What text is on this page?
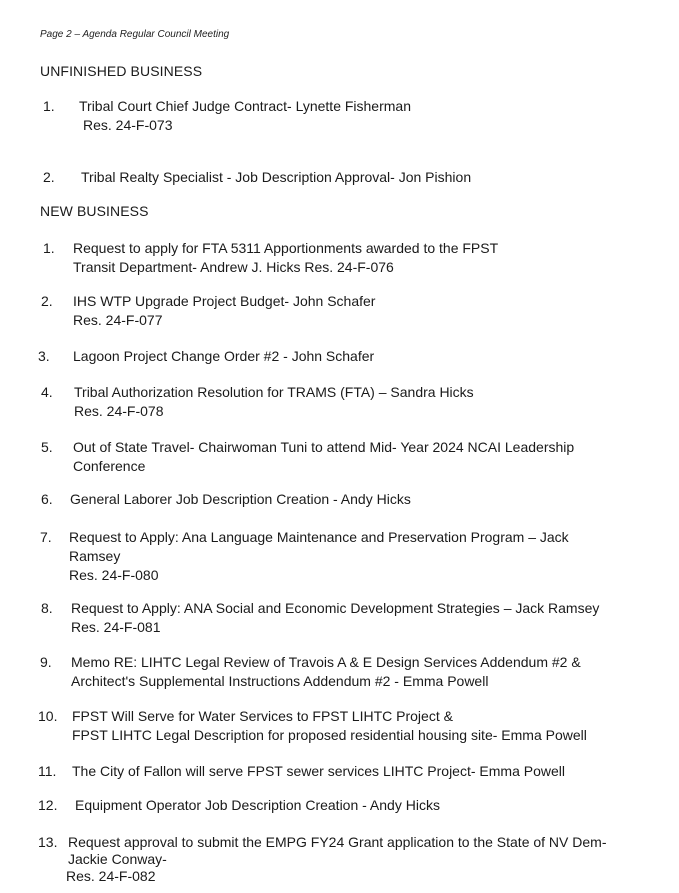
Page 2 – Agenda Regular Council Meeting
UNFINISHED BUSINESS
1. Tribal Court Chief Judge Contract- Lynette Fisherman
Res. 24-F-073
2. Tribal Realty Specialist - Job Description Approval- Jon Pishion
NEW BUSINESS
1. Request to apply for FTA 5311 Apportionments awarded to the FPST
Transit Department- Andrew J. Hicks Res. 24-F-076
2. IHS WTP Upgrade Project Budget- John Schafer
Res. 24-F-077
3. Lagoon Project Change Order #2 - John Schafer
4. Tribal Authorization Resolution for TRAMS (FTA) – Sandra Hicks
Res. 24-F-078
5. Out of State Travel- Chairwoman Tuni to attend Mid- Year 2024 NCAI Leadership
Conference
6. General Laborer Job Description Creation - Andy Hicks
7. Request to Apply: Ana Language Maintenance and Preservation Program – Jack
Ramsey
Res. 24-F-080
8. Request to Apply: ANA Social and Economic Development Strategies – Jack Ramsey
Res. 24-F-081
9. Memo RE: LIHTC Legal Review of Travois A & E Design Services Addendum #2 &
Architect's Supplemental Instructions Addendum #2 - Emma Powell
10. FPST Will Serve for Water Services to FPST LIHTC Project &
FPST LIHTC Legal Description for proposed residential housing site- Emma Powell
11. The City of Fallon will serve FPST sewer services LIHTC Project- Emma Powell
12. Equipment Operator Job Description Creation - Andy Hicks
13. Request approval to submit the EMPG FY24 Grant application to the State of NV Dem-
Jackie Conway-
Res. 24-F-082
